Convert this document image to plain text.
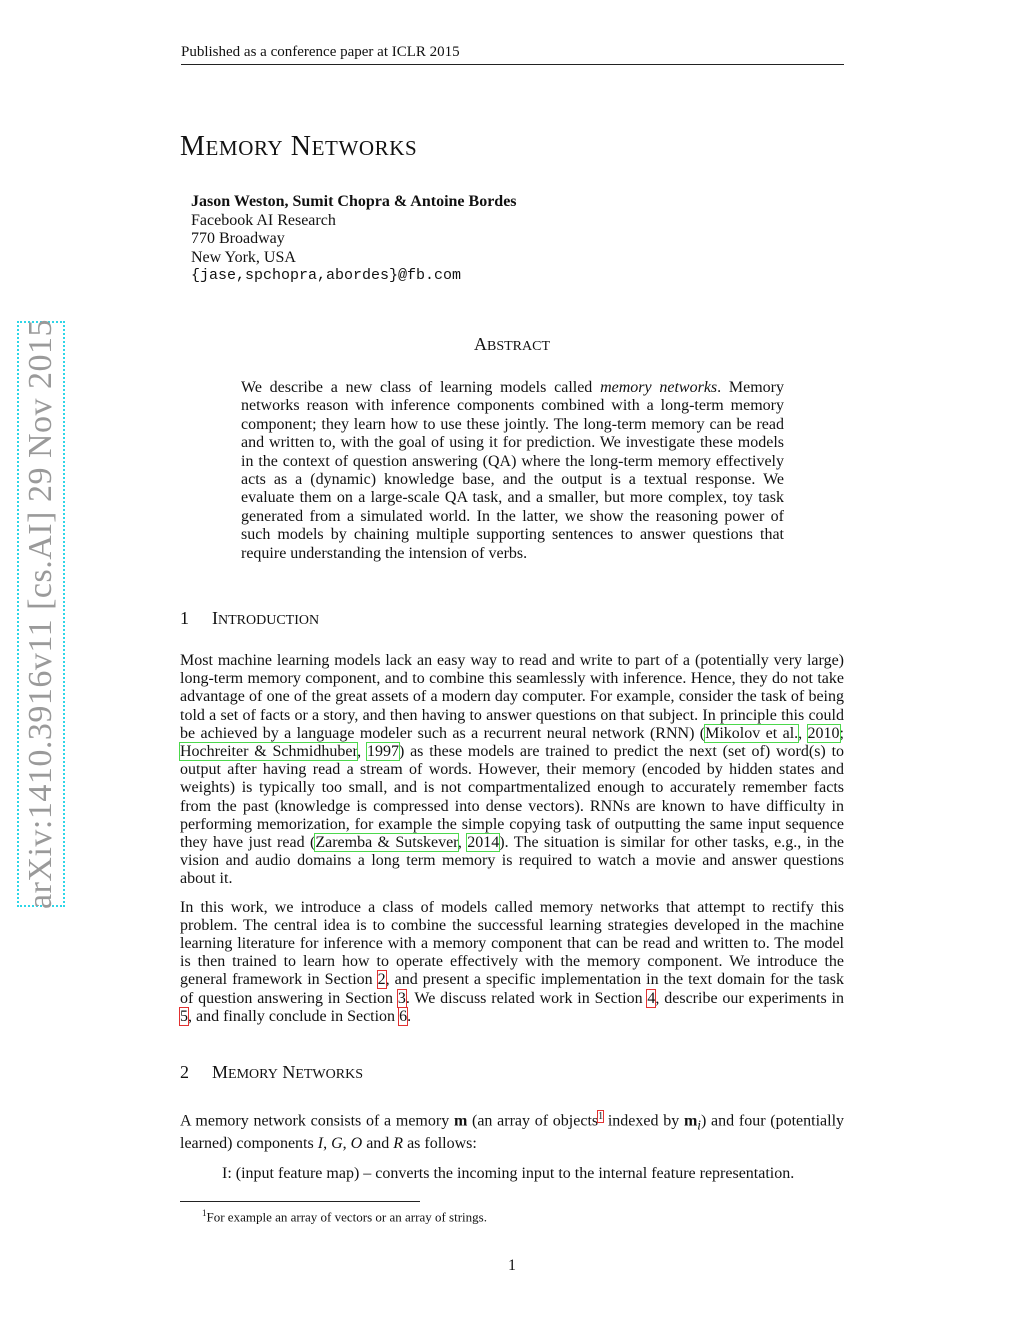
Published as a conference paper at ICLR 2015
MEMORY NETWORKS
Jason Weston, Sumit Chopra & Antoine Bordes
Facebook AI Research
770 Broadway
New York, USA
{jase,spchopra,abordes}@fb.com
ABSTRACT
We describe a new class of learning models called memory networks. Memory networks reason with inference components combined with a long-term memory component; they learn how to use these jointly. The long-term memory can be read and written to, with the goal of using it for prediction. We investigate these models in the context of question answering (QA) where the long-term memory effectively acts as a (dynamic) knowledge base, and the output is a textual response. We evaluate them on a large-scale QA task, and a smaller, but more complex, toy task generated from a simulated world. In the latter, we show the reasoning power of such models by chaining multiple supporting sentences to answer questions that require understanding the intension of verbs.
1 INTRODUCTION

Most machine learning models lack an easy way to read and write to part of a (potentially very large) long-term memory component, and to combine this seamlessly with inference. Hence, they do not take advantage of one of the great assets of a modern day computer. For example, consider the task of being told a set of facts or a story, and then having to answer questions on that subject. In principle this could be achieved by a language modeler such as a recurrent neural network (RNN) (Mikolov et al., 2010; Hochreiter & Schmidhuber, 1997) as these models are trained to predict the next (set of) word(s) to output after having read a stream of words. However, their memory (encoded by hidden states and weights) is typically too small, and is not compartmentalized enough to accurately remember facts from the past (knowledge is compressed into dense vectors). RNNs are known to have difficulty in performing memorization, for example the simple copying task of outputting the same input sequence they have just read (Zaremba & Sutskever, 2014). The situation is similar for other tasks, e.g., in the vision and audio domains a long term memory is required to watch a movie and answer questions about it.

In this work, we introduce a class of models called memory networks that attempt to rectify this problem. The central idea is to combine the successful learning strategies developed in the machine learning literature for inference with a memory component that can be read and written to. The model is then trained to learn how to operate effectively with the memory component. We introduce the general framework in Section 2, and present a specific implementation in the text domain for the task of question answering in Section 3. We discuss related work in Section 4, describe our experiments in 5, and finally conclude in Section 6.

2 MEMORY NETWORKS

A memory network consists of a memory m (an array of objects$^1$ indexed by $m_i$) and four (potentially learned) components I, G, O and R as follows:

I: (input feature map) – converts the incoming input to the internal feature representation.
$^1$For example an array of vectors or an array of strings.
1
arXiv:1410.3916v11 [cs.AI] 29 Nov 2015
